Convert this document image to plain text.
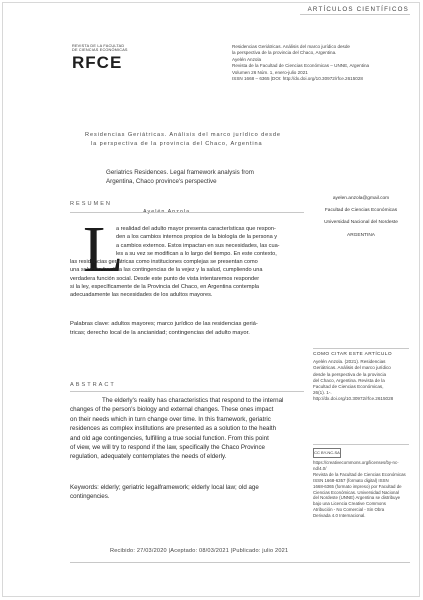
ARTÍCULOS CIENTÍFICOS
REVISTA DE LA FACULTAD
DE CIENCIAS ECONÓMICAS
RFCE
Residencias Geriátricas. Análisis del marco jurídico desde
la perspectiva de la provincia del Chaco, Argentina.
Ayelén Anzola
Revista de la Facultad de Ciencias Económicas – UNNE, Argentina
Volumen 26 Núm. 1, enero-julio 2021
ISSN 1668 – 6365 |DOI: http://dx.doi.org/10.30972/rfce.2615028
Residencias Geriátricas. Análisis del marco jurídico desde
la perspectiva de la provincia del Chaco, Argentina
Geriatrics Residences. Legal framework analysis from
Argentina, Chaco province's perspective
RESUMEN
L
a realidad del adulto mayor presenta características que respon-
den a los cambios internos propios de la biología de la persona y
a cambios externos. Estos impactan en sus necesidades, las cua-
les a su vez se modifican a lo largo del tiempo. En este contexto,
las residencias geriátricas como instituciones complejas se presentan como
una solución frente a las contingencias de la vejez y la salud, cumpliendo una
verdadera función social. Desde este punto de vista intentaremos responder
si la ley, específicamente de la Provincia del Chaco, en Argentina contempla
adecuadamente las necesidades de los adultos mayores.
Palabras clave: adultos mayores; marco jurídico de las residencias geriá-
tricas; derecho local de la ancianidad; contingencias del adulto mayor.
ayelen.anzola@gmail.com
Facultad de Ciencias Económicas
Universidad Nacional del Nordeste
ARGENTINA
COMO CITAR ESTE ARTÍCULO
Ayelén Anzola. (2021). Residencias
Geriátricas. Análisis del marco jurídico
desde la perspectiva de la provincia
del Chaco, Argentina. Revista de la
Facultad de Ciencias Económicas,
26(1). 1-.
http://dx.doi.org/10.30972/rfce.2615028
CC BY-NC-SA
https://creativecommons.org/licenses/by-nc-nd/4.0/
Revista de la Facultad de Ciencias Económicas
ISSN 1668-6357 (formato digital) ISSN
1668-6365 (formato impreso) por Facultad de
Ciencias Económicas. Universidad Nacional
del Nordeste (UNNE) Argentina se distribuye
bajo una Licencia Creative Commons
Atribución - No Comercial - Sin Obra
Derivada 4.0 Internacional.
ABSTRACT
The elderly's reality has characteristics that respond to the internal
changes of the person's biology and external changes. These ones impact
on their needs which in turn change over time. In this framework, geriatric
residences as complex institutions are presented as a solution to the health
and old age contingencies, fulfilling a true social function. From this point
of view, we will try to respond if the law, specifically the Chaco Province
regulation, adequately contemplates the needs of elderly.
Keywords: elderly; geriatric legalframework; elderly local law; old age
contingencies.
Recibido: 27/03/2020 |Aceptado: 08/03/2021 |Publicado: julio 2021
